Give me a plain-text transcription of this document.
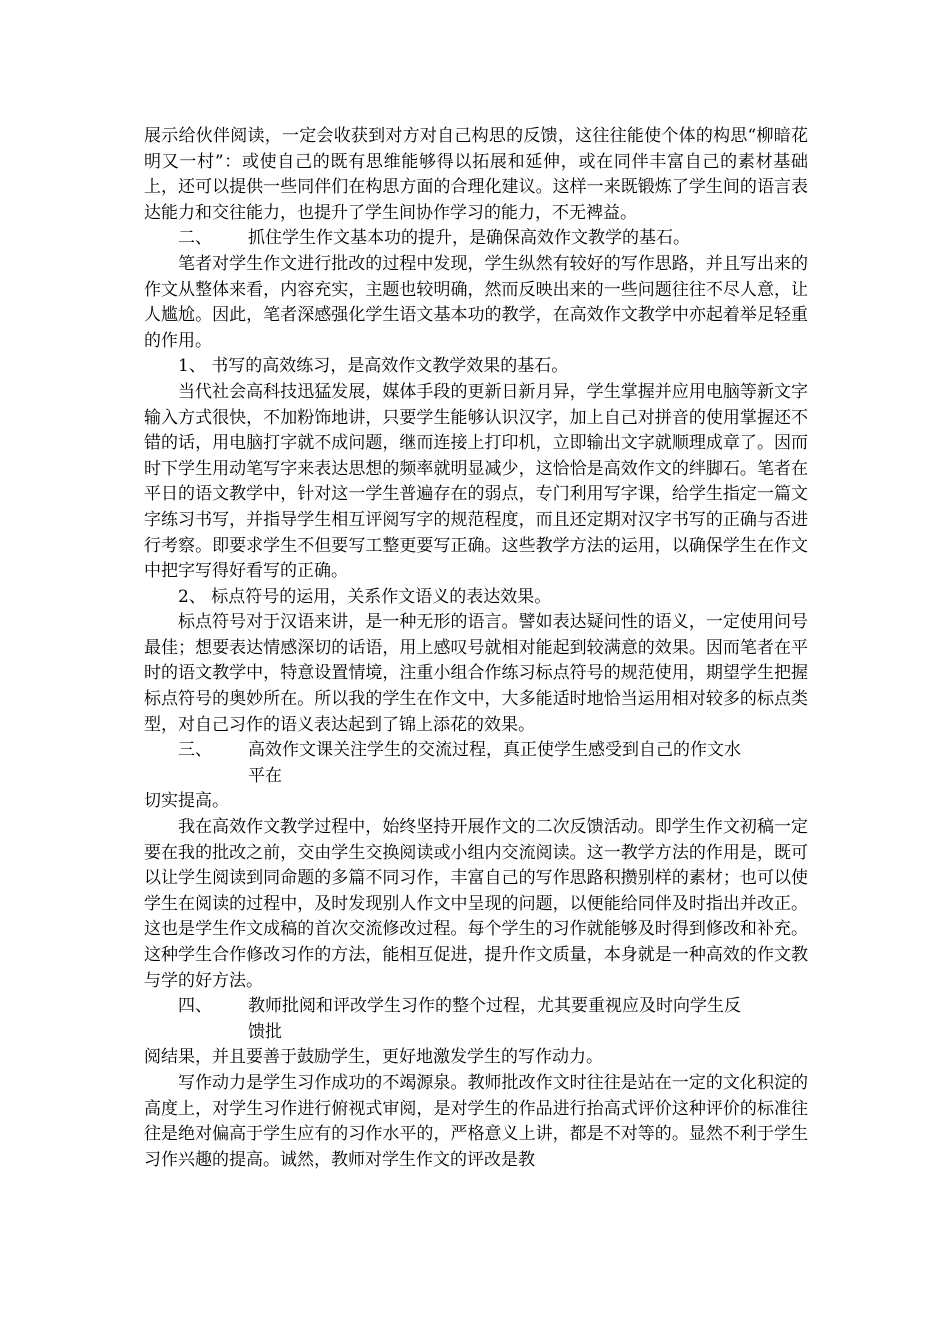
展示给伙伴阅读，一定会收获到对方对自己构思的反馈，这往往能使个体的构思“柳暗花明又一村”：或使自己的既有思维能够得以拓展和延伸，或在同伴丰富自己的素材基础上，还可以提供一些同伴们在构思方面的合理化建议。这样一来既锻炼了学生间的语言表达能力和交往能力，也提升了学生间协作学习的能力，不无裨益。

二、	抓住学生作文基本功的提升，是确保高效作文教学的基石。

笔者对学生作文进行批改的过程中发现，学生纵然有较好的写作思路，并且写出来的作文从整体来看，内容充实，主题也较明确，然而反映出来的一些问题往往不尽人意，让人尴尬。因此，笔者深感强化学生语文基本功的教学，在高效作文教学中亦起着举足轻重的作用。

1、 书写的高效练习，是高效作文教学效果的基石。

当代社会高科技迅猛发展，媒体手段的更新日新月异，学生掌握并应用电脑等新文字输入方式很快，不加粉饰地讲，只要学生能够认识汉字，加上自己对拼音的使用掌握还不错的话，用电脑打字就不成问题，继而连接上打印机，立即输出文字就顺理成章了。因而时下学生用动笔写字来表达思想的频率就明显减少，这恰恰是高效作文的绊脚石。笔者在平日的语文教学中，针对这一学生普遍存在的弱点，专门利用写字课，给学生指定一篇文字练习书写，并指导学生相互评阅写字的规范程度，而且还定期对汉字书写的正确与否进行考察。即要求学生不但要写工整更要写正确。这些教学方法的运用，以确保学生在作文中把字写得好看写的正确。

2、 标点符号的运用，关系作文语义的表达效果。

标点符号对于汉语来讲，是一种无形的语言。譬如表达疑问性的语义，一定使用问号最佳；想要表达情感深切的话语，用上感叹号就相对能起到较满意的效果。因而笔者在平时的语文教学中，特意设置情境，注重小组合作练习标点符号的规范使用，期望学生把握标点符号的奥妙所在。所以我的学生在作文中，大多能适时地恰当运用相对较多的标点类型，对自己习作的语义表达起到了锦上添花的效果。

三、	高效作文课关注学生的交流过程，真正使学生感受到自己的作文水
平在

切实提高。

我在高效作文教学过程中，始终坚持开展作文的二次反馈活动。即学生作文初稿一定要在我的批改之前，交由学生交换阅读或小组内交流阅读。这一教学方法的作用是，既可以让学生阅读到同命题的多篇不同习作，丰富自己的写作思路积攒别样的素材；也可以使学生在阅读的过程中，及时发现别人作文中呈现的问题，以便能给同伴及时指出并改正。这也是学生作文成稿的首次交流修改过程。每个学生的习作就能够及时得到修改和补充。这种学生合作修改习作的方法，能相互促进，提升作文质量，本身就是一种高效的作文教与学的好方法。

四、	教师批阅和评改学生习作的整个过程，尤其要重视应及时向学生反
馈批

阅结果，并且要善于鼓励学生，更好地激发学生的写作动力。

写作动力是学生习作成功的不竭源泉。教师批改作文时往往是站在一定的文化积淀的高度上，对学生习作进行俯视式审阅，是对学生的作品进行抬高式评价这种评价的标准往往是绝对偏高于学生应有的习作水平的，严格意义上讲，都是不对等的。显然不利于学生习作兴趣的提高。诚然，教师对学生作文的评改是教
